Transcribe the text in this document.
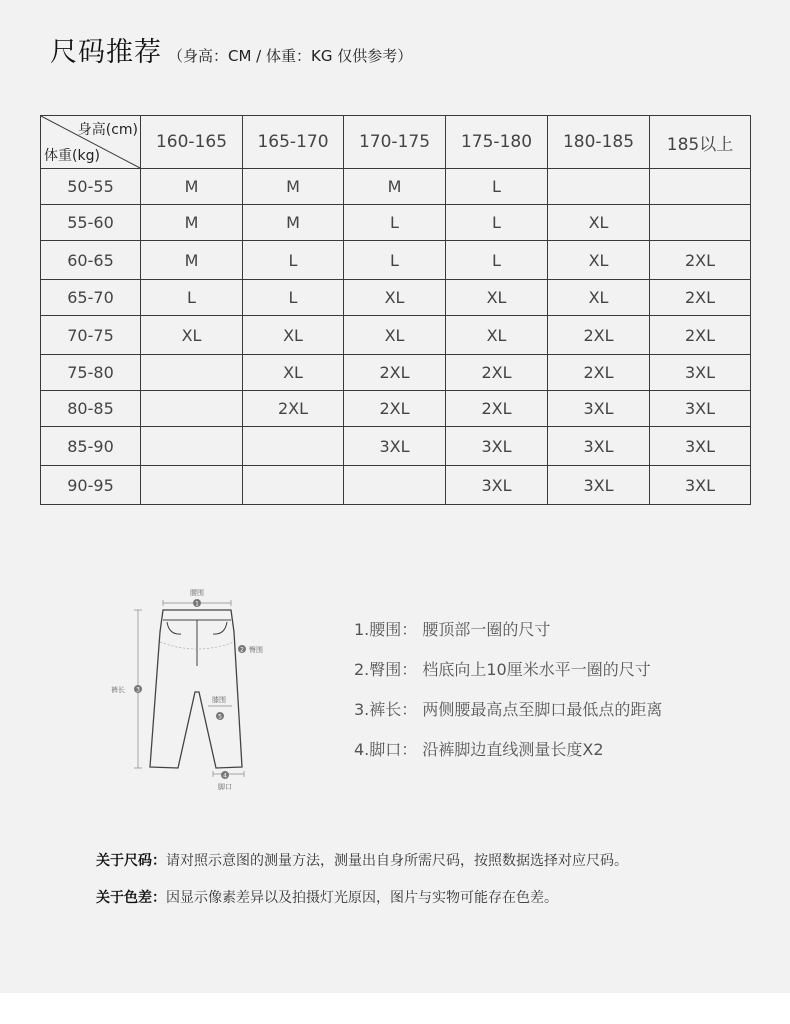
尺码推荐 （身高：CM / 体重：KG 仅供参考）
身高(cm)
体重(kg)	160-165	165-170	170-175	175-180	180-185	185以上
50-55	M	M	M	L		
55-60	M	M	L	L	XL	
60-65	M	L	L	L	XL	2XL
65-70	L	L	XL	XL	XL	2XL
70-75	XL	XL	XL	XL	2XL	2XL
75-80		XL	2XL	2XL	2XL	3XL
80-85		2XL	2XL	2XL	3XL	3XL
85-90			3XL	3XL	3XL	3XL
90-95				3XL	3XL	3XL
腰围
1
裤长 3
2 臀围
膝围
5
4
脚口
1.腰围： 腰顶部一圈的尺寸
2.臀围： 档底向上10厘米水平一圈的尺寸
3.裤长： 两侧腰最高点至脚口最低点的距离
4.脚口： 沿裤脚边直线测量长度X2
关于尺码：请对照示意图的测量方法，测量出自身所需尺码，按照数据选择对应尺码。
关于色差：因显示像素差异以及拍摄灯光原因，图片与实物可能存在色差。
